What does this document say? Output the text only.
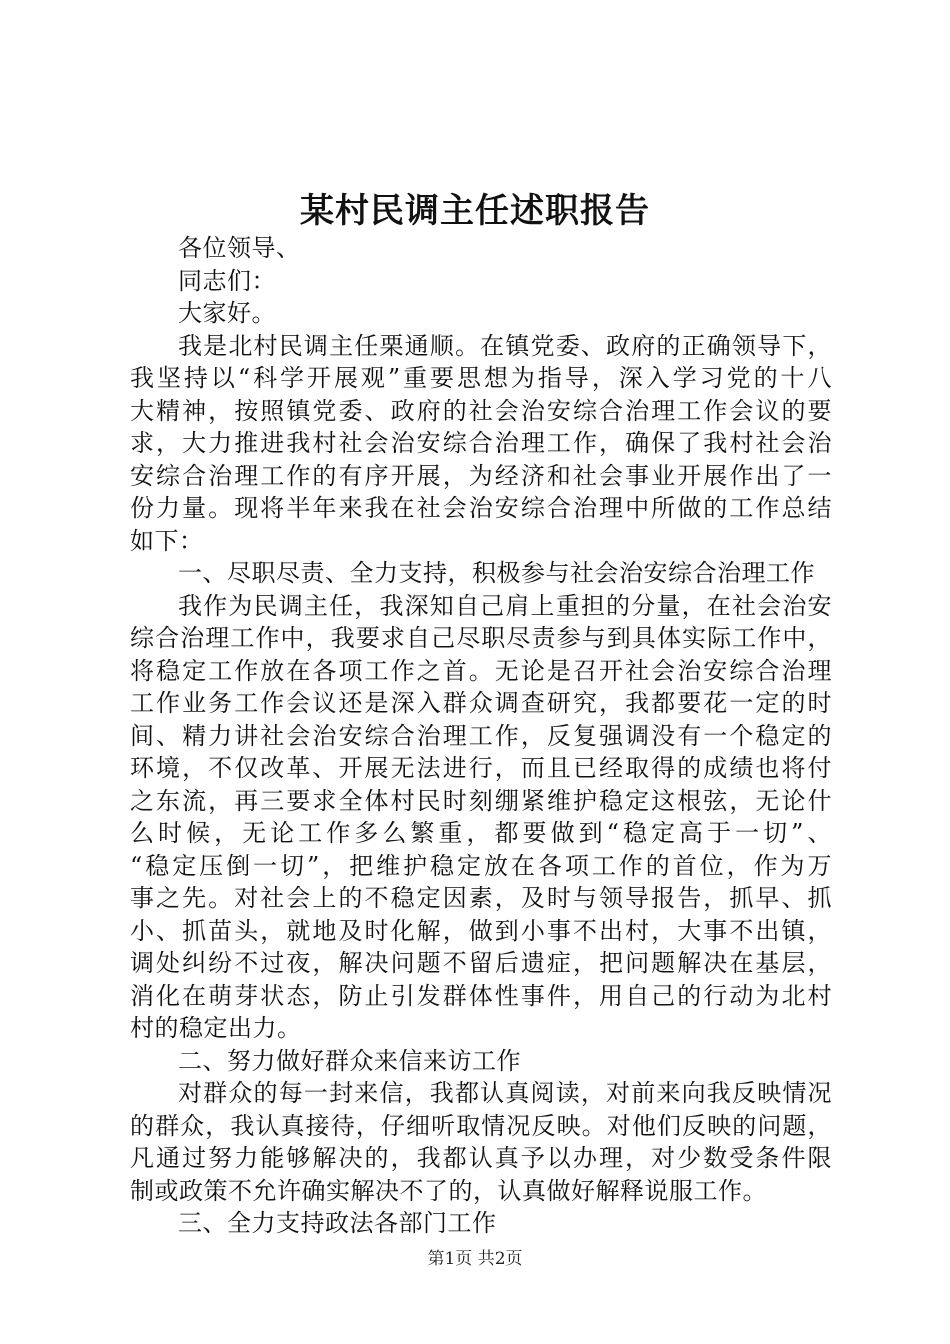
某村民调主任述职报告
各位领导、
同志们：
大家好。
我是北村民调主任栗通顺。在镇党委、政府的正确领导下，
我坚持以“科学开展观”重要思想为指导，深入学习党的十八
大精神，按照镇党委、政府的社会治安综合治理工作会议的要
求，大力推进我村社会治安综合治理工作，确保了我村社会治
安综合治理工作的有序开展，为经济和社会事业开展作出了一
份力量。现将半年来我在社会治安综合治理中所做的工作总结
如下：
一、尽职尽责、全力支持，积极参与社会治安综合治理工作
我作为民调主任，我深知自己肩上重担的分量，在社会治安
综合治理工作中，我要求自己尽职尽责参与到具体实际工作中，
将稳定工作放在各项工作之首。无论是召开社会治安综合治理
工作业务工作会议还是深入群众调查研究，我都要花一定的时
间、精力讲社会治安综合治理工作，反复强调没有一个稳定的
环境，不仅改革、开展无法进行，而且已经取得的成绩也将付
之东流，再三要求全体村民时刻绷紧维护稳定这根弦，无论什
么时候，无论工作多么繁重，都要做到“稳定高于一切”、
“稳定压倒一切”，把维护稳定放在各项工作的首位，作为万
事之先。对社会上的不稳定因素，及时与领导报告，抓早、抓
小、抓苗头，就地及时化解，做到小事不出村，大事不出镇，
调处纠纷不过夜，解决问题不留后遗症，把问题解决在基层，
消化在萌芽状态，防止引发群体性事件，用自己的行动为北村
村的稳定出力。
二、努力做好群众来信来访工作
对群众的每一封来信，我都认真阅读，对前来向我反映情况
的群众，我认真接待，仔细听取情况反映。对他们反映的问题，
凡通过努力能够解决的，我都认真予以办理，对少数受条件限
制或政策不允许确实解决不了的，认真做好解释说服工作。
三、全力支持政法各部门工作
第1页 共2页
